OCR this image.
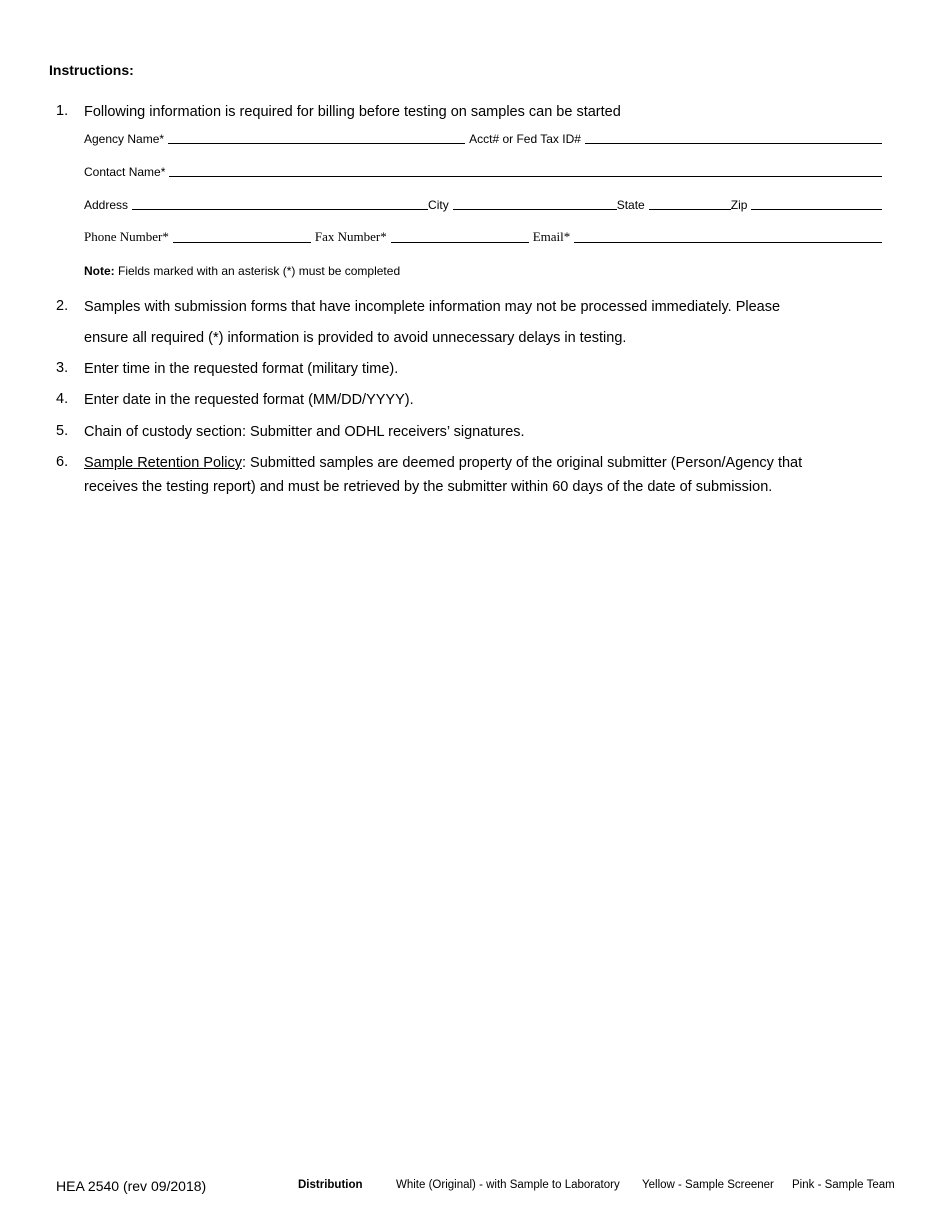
Instructions:
1. Following information is required for billing before testing on samples can be started
Agency Name*	Acct# or Fed Tax ID#
Contact Name*
Address	City	State	Zip
Phone Number*	Fax Number*	Email*
Note: Fields marked with an asterisk (*) must be completed
2. Samples with submission forms that have incomplete information may not be processed immediately. Please
ensure all required (*) information is provided to avoid unnecessary delays in testing.
3. Enter time in the requested format (military time).
4. Enter date in the requested format (MM/DD/YYYY).
5. Chain of custody section: Submitter and ODHL receivers’ signatures.
6. Sample Retention Policy: Submitted samples are deemed property of the original submitter (Person/Agency that
receives the testing report) and must be retrieved by the submitter within 60 days of the date of submission.
HEA 2540 (rev 09/2018)	Distribution	White (Original) - with Sample to Laboratory Yellow - Sample Screener Pink - Sample Team
